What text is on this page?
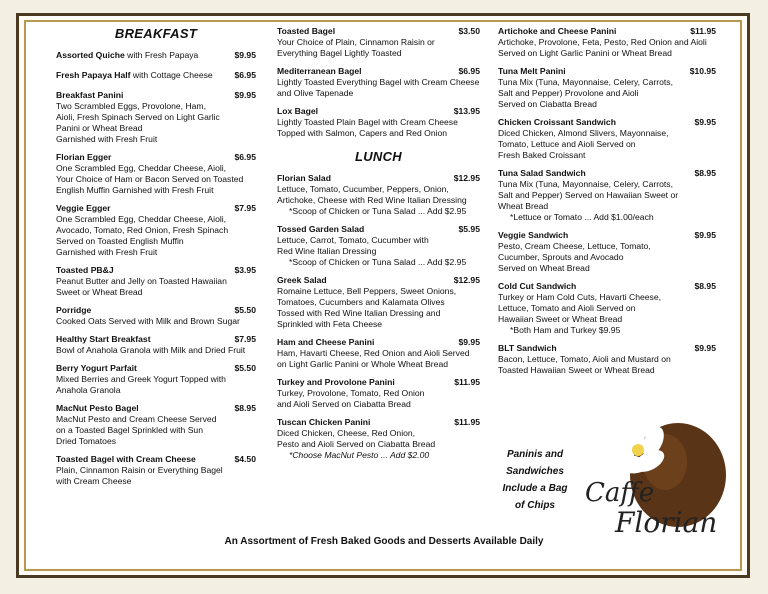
BREAKFAST
Assorted Quiche with Fresh Papaya	$9.95
Fresh Papaya Half with Cottage Cheese	$6.95
Breakfast Panini	$9.95
Two Scrambled Eggs, Provolone, Ham,
Aioli, Fresh Spinach Served on Light Garlic
Panini or Wheat Bread
Garnished with Fresh Fruit
Florian Egger	$6.95
One Scrambled Egg, Cheddar Cheese, Aioli,
Your Choice of Ham or Bacon Served on Toasted
English Muffin Garnished with Fresh Fruit
Veggie Egger	$7.95
One Scrambled Egg, Cheddar Cheese, Aioli,
Avocado, Tomato, Red Onion, Fresh Spinach
Served on Toasted English Muffin
Garnished with Fresh Fruit
Toasted PB&J	$3.95
Peanut Butter and Jelly on Toasted Hawaiian
Sweet or Wheat Bread
Porridge	$5.50
Cooked Oats Served with Milk and Brown Sugar
Healthy Start Breakfast	$7.95
Bowl of Anahola Granola with Milk and Dried Fruit
Berry Yogurt Parfait	$5.50
Mixed Berries and Greek Yogurt Topped with
Anahola Granola
MacNut Pesto Bagel	$8.95
MacNut Pesto and Cream Cheese Served
on a Toasted Bagel Sprinkled with Sun
Dried Tomatoes
Toasted Bagel with Cream Cheese	$4.50
Plain, Cinnamon Raisin or Everything Bagel
with Cream Cheese
Toasted Bagel	$3.50
Your Choice of Plain, Cinnamon Raisin or
Everything Bagel Lightly Toasted
Mediterranean Bagel	$6.95
Lightly Toasted Everything Bagel with Cream Cheese
and Olive Tapenade
Lox Bagel	$13.95
Lightly Toasted Plain Bagel with Cream Cheese
Topped with Salmon, Capers and Red Onion
LUNCH
Florian Salad	$12.95
Lettuce, Tomato, Cucumber, Peppers, Onion,
Artichoke, Cheese with Red Wine Italian Dressing
*Scoop of Chicken or Tuna Salad ... Add $2.95
Tossed Garden Salad	$5.95
Lettuce, Carrot, Tomato, Cucumber with
Red Wine Italian Dressing
*Scoop of Chicken or Tuna Salad ... Add $2.95
Greek Salad	$12.95
Romaine Lettuce, Bell Peppers, Sweet Onions,
Tomatoes, Cucumbers and Kalamata Olives
Tossed with Red Wine Italian Dressing and
Sprinkled with Feta Cheese
Ham and Cheese Panini	$9.95
Ham, Havarti Cheese, Red Onion and Aioli Served
on Light Garlic Panini or Whole Wheat Bread
Turkey and Provolone Panini	$11.95
Turkey, Provolone, Tomato, Red Onion
and Aioli Served on Ciabatta Bread
Tuscan Chicken Panini	$11.95
Diced Chicken, Cheese, Red Onion,
Pesto and Aioli Served on Ciabatta Bread
*Choose MacNut Pesto ... Add $2.00
Artichoke and Cheese Panini	$11.95
Artichoke, Provolone, Feta, Pesto, Red Onion and Aioli
Served on Light Garlic Panini or Wheat Bread
Tuna Melt Panini	$10.95
Tuna Mix (Tuna, Mayonnaise, Celery, Carrots,
Salt and Pepper) Provolone and Aioli
Served on Ciabatta Bread
Chicken Croissant Sandwich	$9.95
Diced Chicken, Almond Slivers, Mayonnaise,
Tomato, Lettuce and Aioli Served on
Fresh Baked Croissant
Tuna Salad Sandwich	$8.95
Tuna Mix (Tuna, Mayonnaise, Celery, Carrots,
Salt and Pepper) Served on Hawaiian Sweet or
Wheat Bread
*Lettuce or Tomato ... Add $1.00/each
Veggie Sandwich	$9.95
Pesto, Cream Cheese, Lettuce, Tomato,
Cucumber, Sprouts and Avocado
Served on Wheat Bread
Cold Cut Sandwich	$8.95
Turkey or Ham Cold Cuts, Havarti Cheese,
Lettuce, Tomato and Aioli Served on
Hawaiian Sweet or Wheat Bread
*Both Ham and Turkey $9.95
BLT Sandwich	$9.95
Bacon, Lettuce, Tomato, Aioli and Mustard on
Toasted Hawaiian Sweet or Wheat Bread
Paninis and
Sandwiches
Include a Bag
of Chips	Caffe
Florian
An Assortment of Fresh Baked Goods and Desserts Available Daily
